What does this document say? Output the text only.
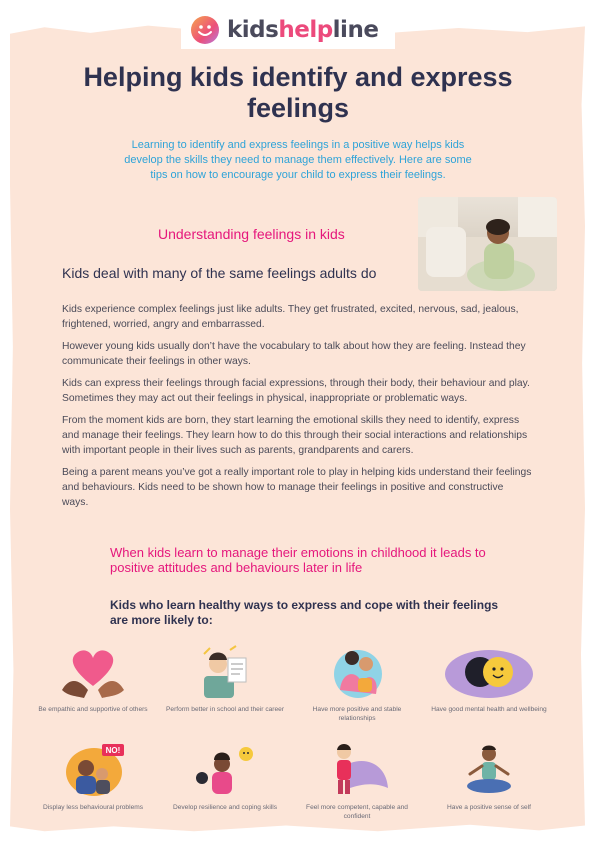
kidshelpline
Helping kids identify and express feelings

Learning to identify and express feelings in a positive way helps kids develop the skills they need to manage them effectively. Here are some tips on how to encourage your child to express their feelings.

Understanding feelings in kids
Kids deal with many of the same feelings adults do

Kids experience complex feelings just like adults. They get frustrated, excited, nervous, sad, jealous, frightened, worried, angry and embarrassed.

However young kids usually don’t have the vocabulary to talk about how they are feeling. Instead they communicate their feelings in other ways.

Kids can express their feelings through facial expressions, through their body, their behaviour and play. Sometimes they may act out their feelings in physical, inappropriate or problematic ways.

From the moment kids are born, they start learning the emotional skills they need to identify, express and manage their feelings. They learn how to do this through their social interactions and relationships with important people in their lives such as parents, grandparents and carers.

Being a parent means you’ve got a really important role to play in helping kids understand their feelings and behaviours. Kids need to be shown how to manage their feelings in positive and constructive ways.

When kids learn to manage their emotions in childhood it leads to positive attitudes and behaviours later in life
Kids who learn healthy ways to express and cope with their feelings are more likely to:
Be empathic and supportive of others	Perform better in school and their career	Have more positive and stable relationships
Have good mental health and wellbeing
NO!
Display less behavioural problems	Develop resilience and coping skills	Feel more competent, capable and confident
Have a positive sense of self
